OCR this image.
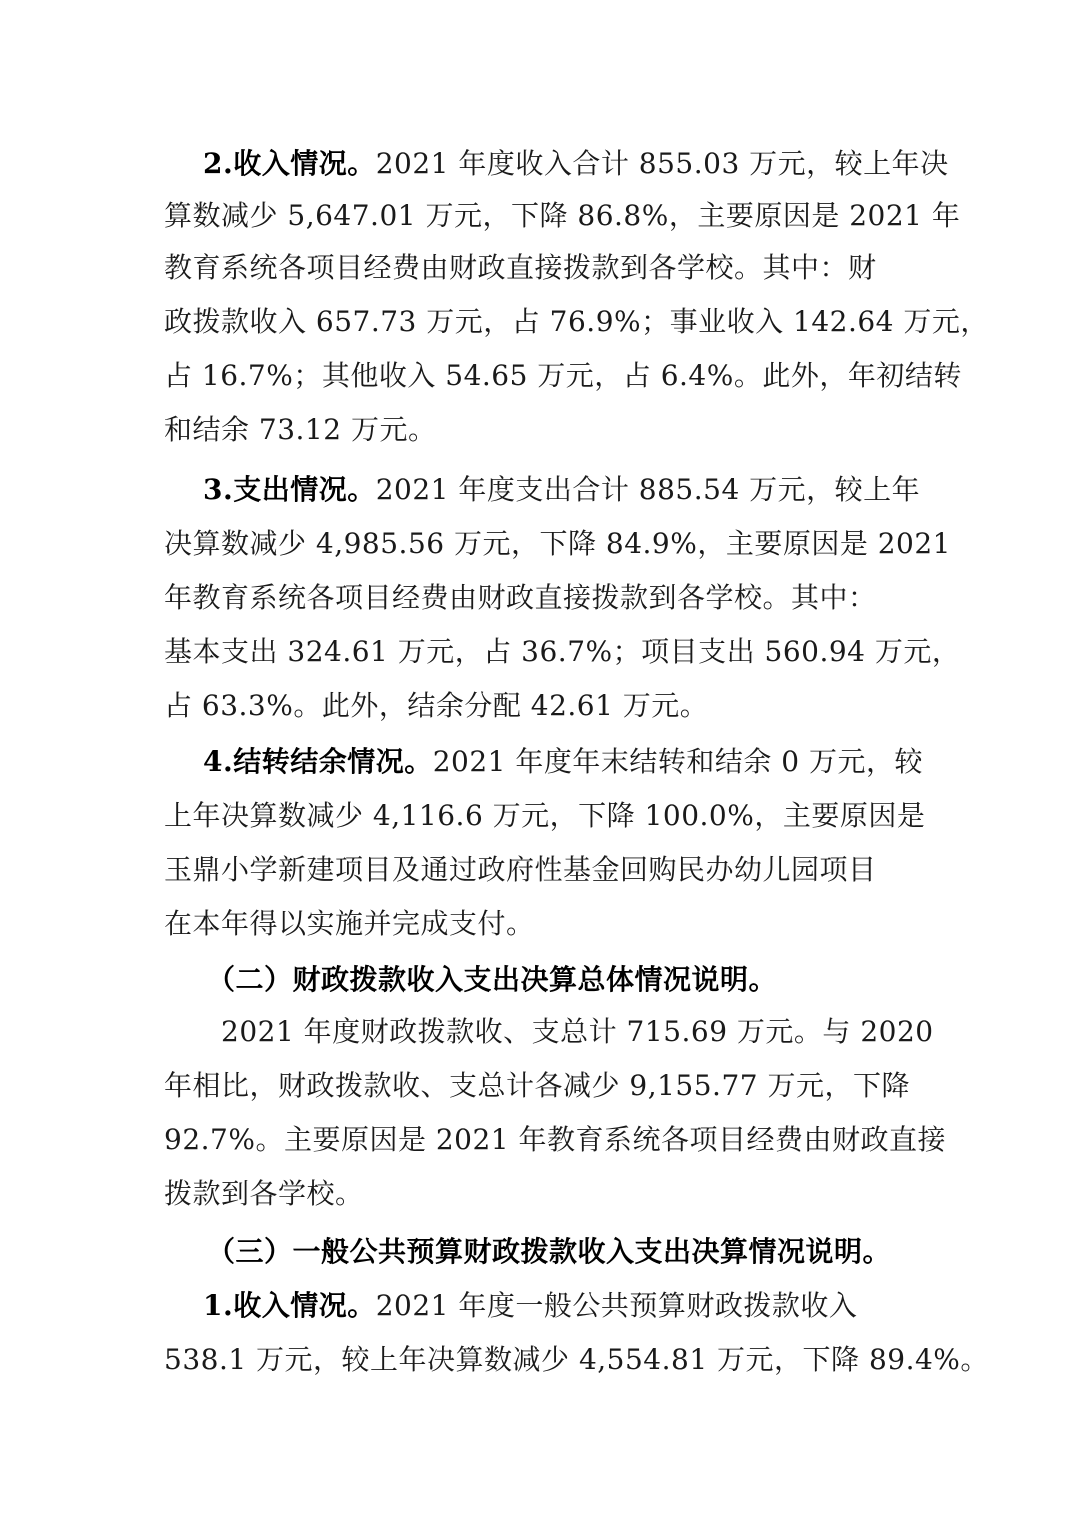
2.收入情况。2021 年度收入合计 855.03 万元，较上年决

算数减少 5,647.01 万元，下降 86.8%，主要原因是 2021 年

教育系统各项目经费由财政直接拨款到各学校。其中：财

政拨款收入 657.73 万元，占 76.9%；事业收入 142.64 万元，

占 16.7%；其他收入 54.65 万元，占 6.4%。此外，年初结转

和结余 73.12 万元。

3.支出情况。2021 年度支出合计 885.54 万元，较上年

决算数减少 4,985.56 万元，下降 84.9%，主要原因是 2021

年教育系统各项目经费由财政直接拨款到各学校。其中：

基本支出 324.61 万元，占 36.7%；项目支出 560.94 万元，

占 63.3%。此外，结余分配 42.61 万元。

4.结转结余情况。2021 年度年末结转和结余 0 万元，较

上年决算数减少 4,116.6 万元，下降 100.0%，主要原因是

玉鼎小学新建项目及通过政府性基金回购民办幼儿园项目

在本年得以实施并完成支付。

（二）财政拨款收入支出决算总体情况说明。

2021 年度财政拨款收、支总计 715.69 万元。与 2020

年相比，财政拨款收、支总计各减少 9,155.77 万元，下降

92.7%。主要原因是 2021 年教育系统各项目经费由财政直接

拨款到各学校。

（三）一般公共预算财政拨款收入支出决算情况说明。

1.收入情况。2021 年度一般公共预算财政拨款收入

538.1 万元，较上年决算数减少 4,554.81 万元，下降 89.4%。
